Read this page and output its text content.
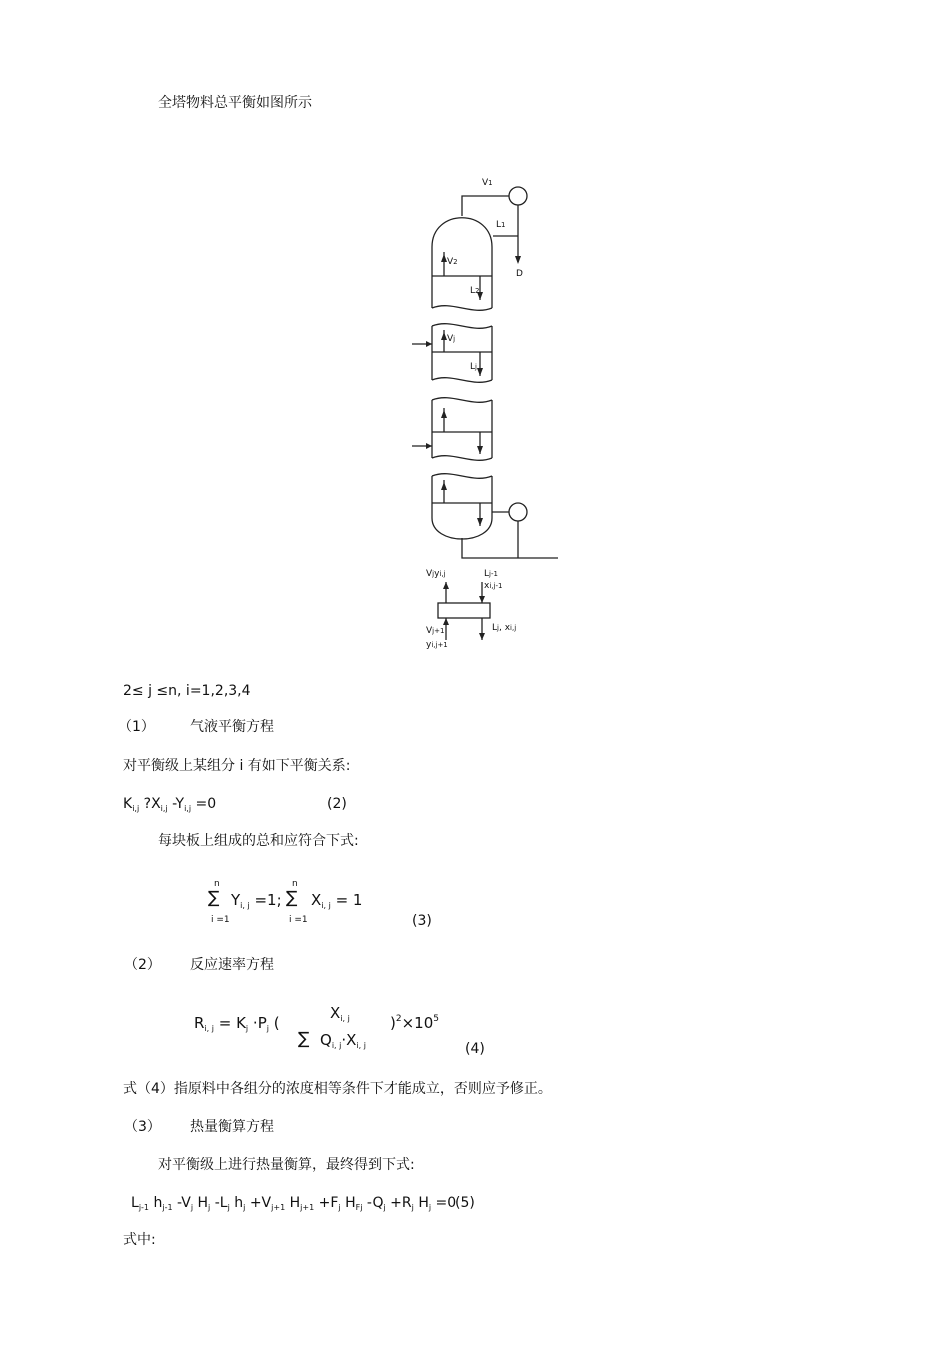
全塔物料总平衡如图所示
V1
L1
D
V2
L2
Vj
Lj
Vjyi,j	Lj-1
xi,j-1
Vj+1
yi,j+1
Lj, xi,j
2≤ j ≤n, i=1,2,3,4
（1）	气液平衡方程
对平衡级上某组分 i 有如下平衡关系:
$K_{i,j}$ $?X_{i,j}$ $-Y_{i,j} =0$	(2)
每块板上组成的总和应符合下式:
n
∑ $Y_{i, j} =1$;
n
∑ $X_{i, j} = 1$
i =1	i =1	(3)
（2） 反应速率方程
$X_{i, j}$
$R_{i, j} = K_j \cdot P_j$ (
∑ $Q_{i, j}\cdot X_{i, j}$
)$^2\times 10^5$
(4)
式（4）指原料中各组分的浓度相等条件下才能成立，否则应予修正。
（3） 热量衡算方程
对平衡级上进行热量衡算，最终得到下式:
$L_{j-1}$ $h_{j-1}$ $-V_j$ $H_j$ $-L_j$ $h_j +V_{j+1}$ $H_{j+1} +F_j$ $H_{Fj}$ $-Q_j +R_j$ $H_j =0$
(5)
式中:
